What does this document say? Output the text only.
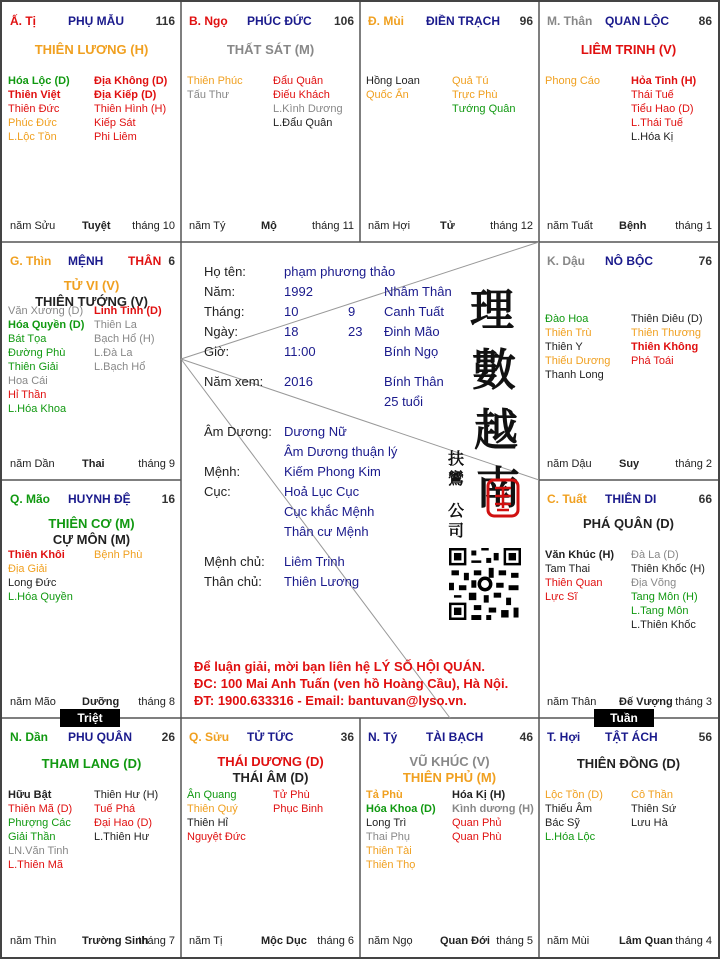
Ấ. Tị	PHỤ MẪU	116
THIÊN LƯƠNG (H)
Hóa Lộc (D)
Thiên Việt
Thiên Đức
Phúc Đức
L.Lộc Tồn
Địa Không (D)
Địa Kiếp (D)
Thiên Hình (H)
Kiếp Sát
Phi Liêm
năm Sửu Tuyệt tháng 10
B. Ngọ PHÚC ĐỨC 106
THẤT SÁT (M)
Thiên Phúc
Tấu Thư
Đẩu Quân
Điếu Khách
L.Kình Dương
L.Đẩu Quân
năm Tý	Mộ	tháng 11
Đ. Mùi ĐIỀN TRẠCH 96
Hồng Loan
Quốc Ấn
Quả Tú
Trực Phù
Tướng Quân
năm Hợi	Tử	tháng 12
M. Thân QUAN LỘC 86
LIÊM TRINH (V)
Phong Cáo	Hỏa Tinh (H)
Thái Tuế
Tiểu Hao (D)
L.Thái Tuế
L.Hóa Kị
năm Tuất Bệnh	tháng 1
G. Thìn MỆNH THÂN 6
TỬ VI (V)
THIÊN TƯỚNG (V)
Văn Xương (D)
Hóa Quyền (D)
Bát Tọa
Đường Phù
Thiên Giải
Hoa Cái
Hỉ Thần
L.Hóa Khoa
Linh Tinh (D)
Thiên La
Bạch Hổ (H)
L.Đà La
L.Bạch Hổ
năm Dần Thai	tháng 9
K. Dậu NÔ BỘC	76
Đào Hoa
Thiên Trù
Thiên Y
Thiếu Dương
Thanh Long
Thiên Diêu (D)
Thiên Thương
Thiên Không
Phá Toái
năm Dậu Suy	tháng 2
Q. Mão HUYNH ĐỆ	16
THIÊN CƠ (M)
CỰ MÔN (M)
Thiên Khôi
Địa Giải
Long Đức
L.Hóa Quyền
Bệnh Phù
năm Mão Dưỡng tháng 8
C. Tuất THIÊN DI	66
PHÁ QUÂN (D)
Văn Khúc (H)
Tam Thai
Thiên Quan
Lực Sĩ
Đà La (D)
Thiên Khốc (H)
Địa Võng
Tang Môn (H)
L.Tang Môn
L.Thiên Khốc
năm Thân Đế Vượng tháng 3
N. Dần PHU QUÂN 26
THAM LANG (D)
Hữu Bật
Thiên Mã (D)
Phượng Các
Giải Thần
LN.Văn Tinh
L.Thiên Mã
Thiên Hư (H)
Tuế Phá
Đại Hao (D)
L.Thiên Hư
năm Thìn Trường Sinh
tháng 7
Q. Sửu TỬ TỨC	36
THÁI DƯƠNG (D)
THÁI ÂM (D)
Ân Quang
Thiên Quý
Thiên Hỉ
Nguyệt Đức
Tử Phù
Phục Binh
năm Tị	Mộc Dục tháng 6
N. Tý TÀI BẠCH	46
VŨ KHÚC (V)
THIÊN PHỦ (M)
Tả Phù
Hóa Khoa (D)
Long Trì
Thai Phụ
Thiên Tài
Thiên Thọ
Hóa Kị (H)
Kình dương (H)
Quan Phủ
Quan Phù
năm Ngọ Quan Đới tháng 5
T. Hợi TẬT ÁCH	56
THIÊN ĐỒNG (D)
Lộc Tồn (D)
Thiếu Âm
Bác Sỹ
L.Hóa Lộc
Cô Thần
Thiên Sứ
Lưu Hà
năm Mùi	Lâm Quan tháng 4
Triệt	Tuần
Họ tên:	phạm phương thảo
Năm:	1992	Nhâm Thân
Tháng:	10	9 Canh Tuất
Ngày:	18	23 Đinh Mão
Giờ:	11:00	Bính Ngọ
Năm xem: 2016	Bính Thân
25 tuổi
Âm Dương: Dương Nữ
Âm Dương thuận lý
Mệnh:	Kiếm Phong Kim
Cục:	Hoả Lục Cục
Cục khắc Mệnh
Thân cư Mệnh
Mệnh chủ: Liêm Trinh
Thân chủ: Thiên Lương
理
數
越
南
扶
鸞
公
司
Để luận giải, mời bạn liên hệ LÝ SỐ HỘI QUÁN.
ĐC: 100 Mai Anh Tuấn (ven hồ Hoàng Cầu), Hà Nội.
ĐT: 1900.633316 - Email: bantuvan@lyso.vn.
